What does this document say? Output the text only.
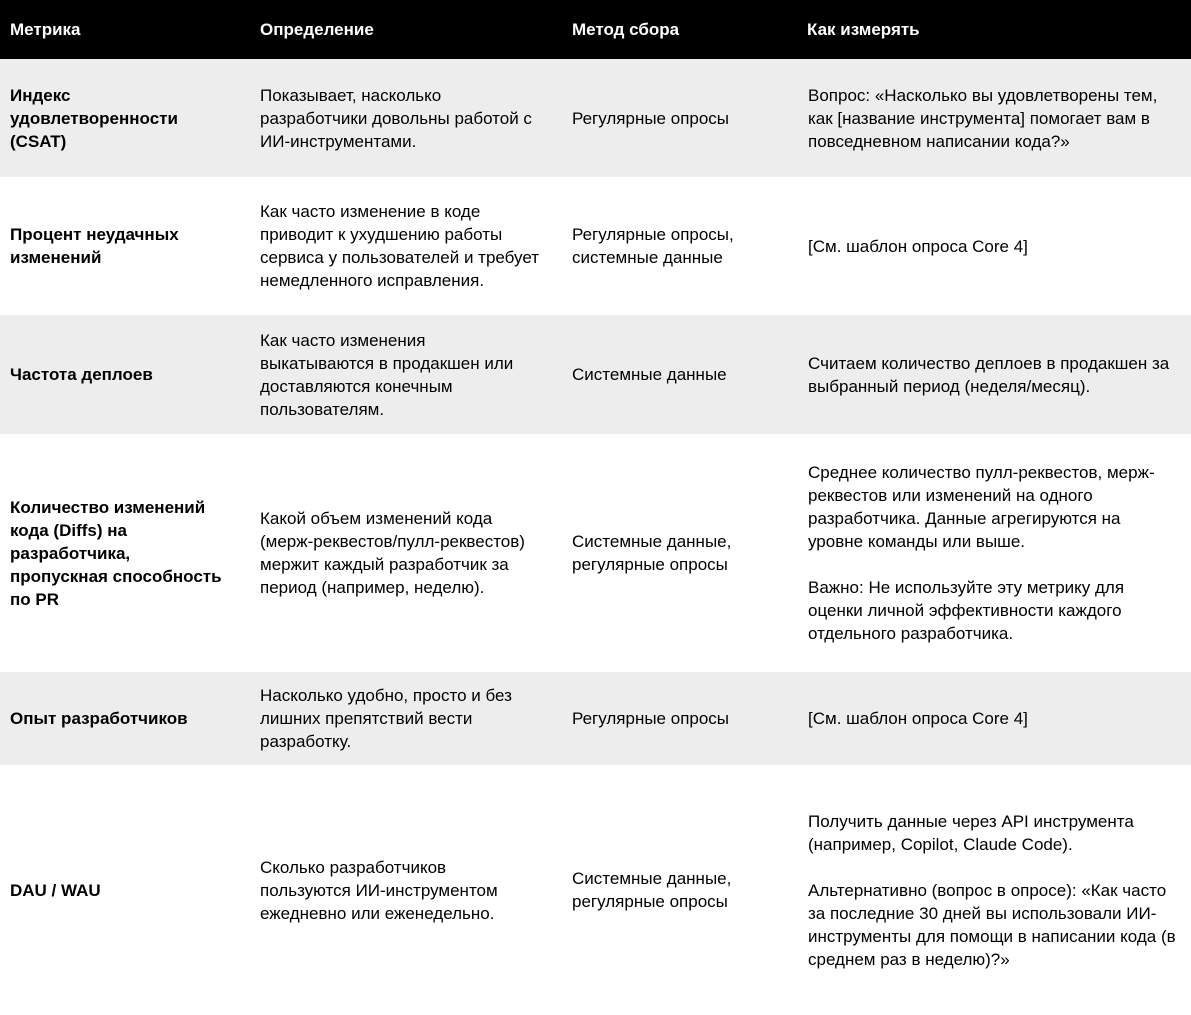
Метрика	Определение	Метод сбора	Как измерять
Индекс удовлетворенности (CSAT)	Показывает, насколько разработчики довольны работой с ИИ-инструментами.	Регулярные опросы	Вопрос: «Насколько вы удовлетворены тем, как [название инструмента] помогает вам в повседневном написании кода?»

Процент неудачных изменений	Как часто изменение в коде приводит к ухудшению работы сервиса у пользователей и требует немедленного исправления.	Регулярные опросы, системные данные	[См. шаблон опроса Core 4]

Частота деплоев	Как часто изменения выкатываются в продакшен или доставляются конечным пользователям.	Системные данные	Считаем количество деплоев в продакшен за выбранный период (неделя/месяц).

Количество изменений кода (Diffs) на разработчика, пропускная способность по PR	Какой объем изменений кода (мерж-реквестов/пулл-реквестов) мержит каждый разработчик за период (например, неделю).	Системные данные, регулярные опросы	Среднее количество пулл-реквестов, мерж-реквестов или изменений на одного разработчика. Данные агрегируются на уровне команды или выше.

Важно: Не используйте эту метрику для оценки личной эффективности каждого отдельного разработчика.

Опыт разработчиков	Насколько удобно, просто и без лишних препятствий вести разработку.	Регулярные опросы	[См. шаблон опроса Core 4]

DAU / WAU	Сколько разработчиков пользуются ИИ-инструментом ежедневно или еженедельно.	Системные данные, регулярные опросы	Получить данные через API инструмента (например, Copilot, Claude Code).

Альтернативно (вопрос в опросе): «Как часто за последние 30 дней вы использовали ИИ-инструменты для помощи в написании кода (в среднем раз в неделю)?»
